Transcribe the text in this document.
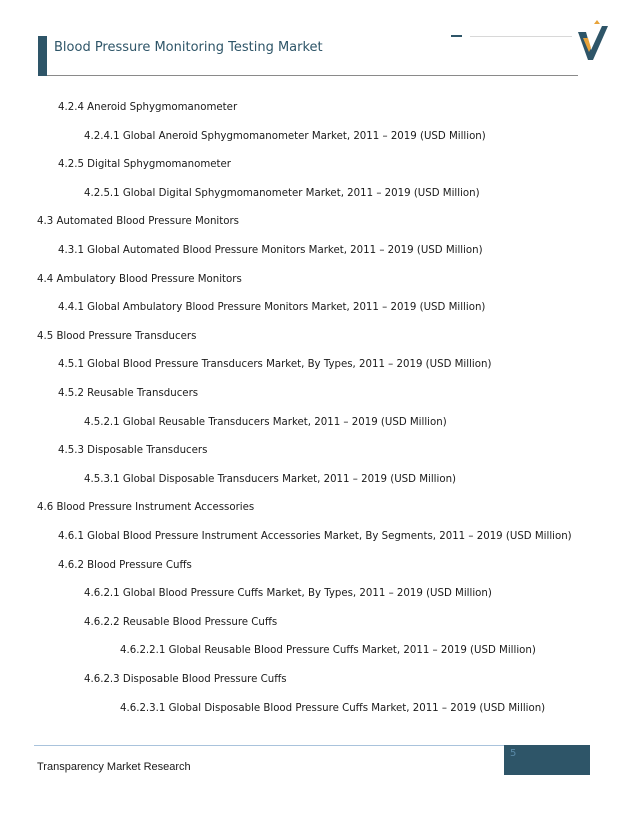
Blood Pressure Monitoring Testing Market
4.2.4 Aneroid Sphygmomanometer
4.2.4.1 Global Aneroid Sphygmomanometer Market, 2011 – 2019 (USD Million)
4.2.5 Digital Sphygmomanometer
4.2.5.1 Global Digital Sphygmomanometer Market, 2011 – 2019 (USD Million)
4.3 Automated Blood Pressure Monitors
4.3.1 Global Automated Blood Pressure Monitors Market, 2011 – 2019 (USD Million)
4.4 Ambulatory Blood Pressure Monitors
4.4.1 Global Ambulatory Blood Pressure Monitors Market, 2011 – 2019 (USD Million)
4.5 Blood Pressure Transducers
4.5.1 Global Blood Pressure Transducers Market, By Types, 2011 – 2019 (USD Million)
4.5.2 Reusable Transducers
4.5.2.1 Global Reusable Transducers Market, 2011 – 2019 (USD Million)
4.5.3 Disposable Transducers
4.5.3.1 Global Disposable Transducers Market, 2011 – 2019 (USD Million)
4.6 Blood Pressure Instrument Accessories
4.6.1 Global Blood Pressure Instrument Accessories Market, By Segments, 2011 – 2019 (USD Million)
4.6.2 Blood Pressure Cuffs
4.6.2.1 Global Blood Pressure Cuffs Market, By Types, 2011 – 2019 (USD Million)
4.6.2.2 Reusable Blood Pressure Cuffs
4.6.2.2.1 Global Reusable Blood Pressure Cuffs Market, 2011 – 2019 (USD Million)
4.6.2.3 Disposable Blood Pressure Cuffs
4.6.2.3.1 Global Disposable Blood Pressure Cuffs Market, 2011 – 2019 (USD Million)
5
Transparency Market Research
